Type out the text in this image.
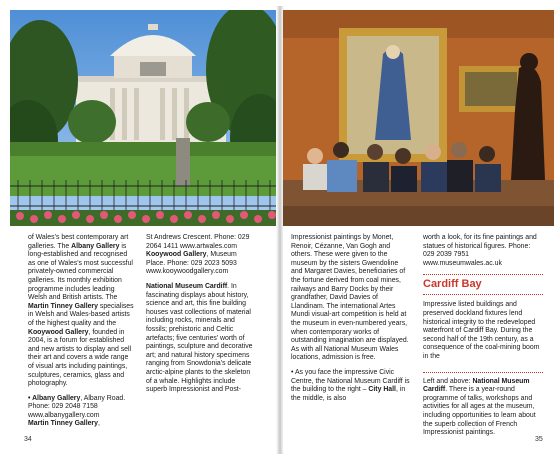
of Wales’s best contemporary art galleries. The Albany Gallery is long-established and recognised as one of Wales’s most successful privately-owned commercial galleries. Its monthly exhibition programme includes leading Welsh and British artists. The Martin Tinney Gallery specialises in Welsh and Wales-based artists of the highest quality and the Kooywood Gallery, founded in 2004, is a forum for established and new artists to display and sell their art and covers a wide range of visual arts including paintings, sculptures, ceramics, glass and photography.

• Albany Gallery, Albany Road. Phone: 029 2048 7158 www.albanygallery.com
Martin Tinney Gallery,

St Andrews Crescent. Phone: 029 2064 1411 www.artwales.com
Kooywood Gallery, Museum Place. Phone: 029 2023 5093 www.kooywoodgallery.com

National Museum Cardiff. In fascinating displays about history, science and art, this fine building houses vast collections of material including rocks, minerals and fossils; prehistoric and Celtic artefacts; five centuries’ worth of paintings, sculpture and decorative art; and natural history specimens ranging from Snowdonia’s delicate arctic-alpine plants to the skeleton of a whale. Highlights include superb Impressionist and Post-

34

Impressionist paintings by Monet, Renoir, Cézanne, Van Gogh and others. These were given to the museum by the sisters Gwendoline and Margaret Davies, beneficiaries of the fortune derived from coal mines, railways and Barry Docks by their grandfather, David Davies of Llandinam. The international Artes Mundi visual-art competition is held at the museum in even-numbered years, when contemporary works of outstanding imagination are displayed. As with all National Museum Wales locations, admission is free.

• As you face the impressive Civic Centre, the National Museum Cardiff is the building to the right – City Hall, in the middle, is also

worth a look, for its fine paintings and statues of historical figures. Phone: 029 2039 7951 www.museumwales.ac.uk

Cardiff Bay

Impressive listed buildings and preserved dockland fixtures lend historical integrity to the redeveloped waterfront of Cardiff Bay. During the second half of the 19th century, as a consequence of the coal-mining boom in the

Left and above: National Museum Cardiff. There is a year-round programme of talks, workshops and activities for all ages at the museum, including opportunities to learn about the superb collection of French Impressionist paintings.
35
